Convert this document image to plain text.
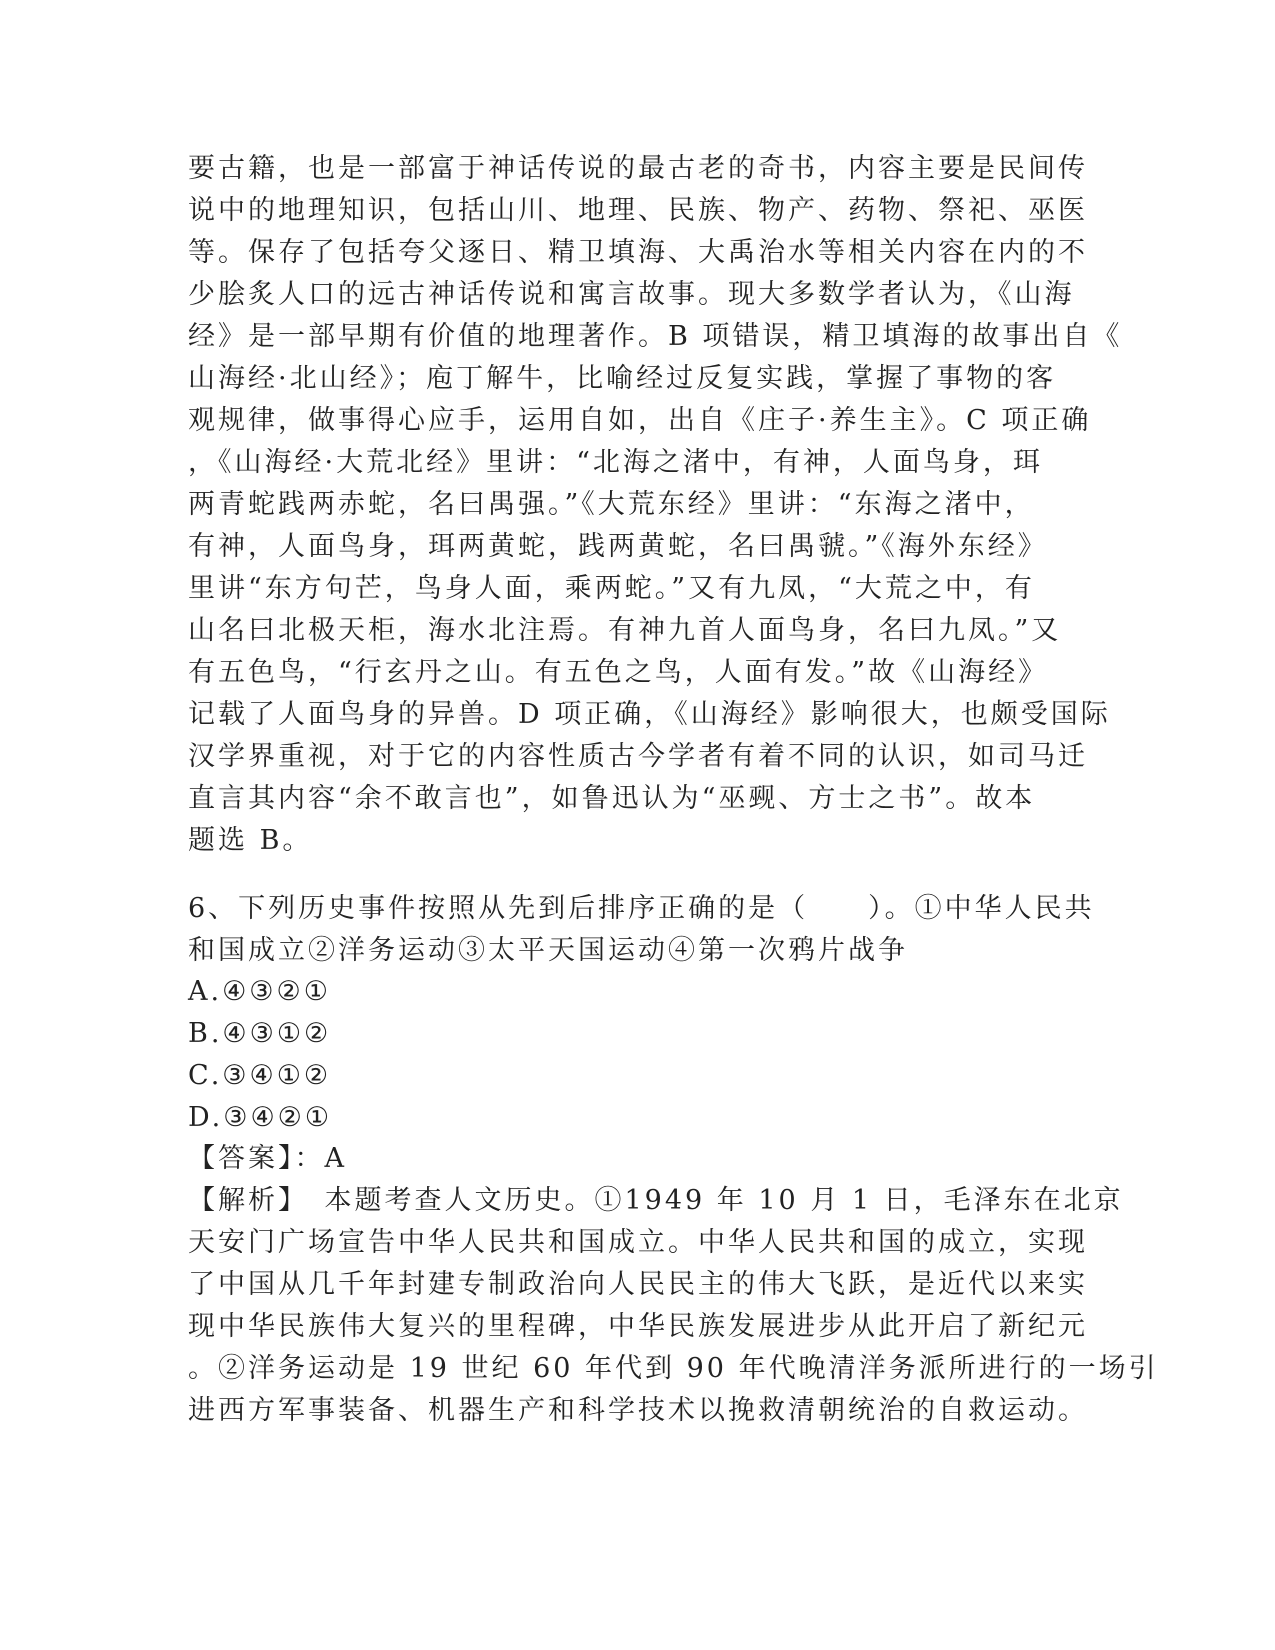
要古籍，也是一部富于神话传说的最古老的奇书，内容主要是民间传
说中的地理知识，包括山川、地理、民族、物产、药物、祭祀、巫医
等。保存了包括夸父逐日、精卫填海、大禹治水等相关内容在内的不
少脍炙人口的远古神话传说和寓言故事。现大多数学者认为，《山海
经》是一部早期有价值的地理著作。B 项错误，精卫填海的故事出自《
山海经·北山经》；庖丁解牛，比喻经过反复实践，掌握了事物的客
观规律，做事得心应手，运用自如，出自《庄子·养生主》。C 项正确
，《山海经·大荒北经》里讲：“北海之渚中，有神，人面鸟身，珥
两青蛇践两赤蛇，名曰禺强。”《大荒东经》里讲：“东海之渚中，
有神，人面鸟身，珥两黄蛇，践两黄蛇，名曰禺虢。”《海外东经》
里讲“东方句芒，鸟身人面，乘两蛇。”又有九凤，“大荒之中，有
山名曰北极天柜，海水北注焉。有神九首人面鸟身，名曰九凤。”又
有五色鸟，“行玄丹之山。有五色之鸟，人面有发。”故《山海经》
记载了人面鸟身的异兽。D 项正确，《山海经》影响很大，也颇受国际
汉学界重视，对于它的内容性质古今学者有着不同的认识，如司马迁
直言其内容“余不敢言也”，如鲁迅认为“巫觋、方士之书”。故本
题选 B。
6、下列历史事件按照从先到后排序正确的是（　　）。①中华人民共
和国成立②洋务运动③太平天国运动④第一次鸦片战争
A.④③②①
B.④③①②
C.③④①②
D.③④②①
【答案】：A
【解析】　本题考查人文历史。①1949 年 10 月 1 日，毛泽东在北京
天安门广场宣告中华人民共和国成立。中华人民共和国的成立，实现
了中国从几千年封建专制政治向人民民主的伟大飞跃，是近代以来实
现中华民族伟大复兴的里程碑，中华民族发展进步从此开启了新纪元
。②洋务运动是 19 世纪 60 年代到 90 年代晚清洋务派所进行的一场引
进西方军事装备、机器生产和科学技术以挽救清朝统治的自救运动。
